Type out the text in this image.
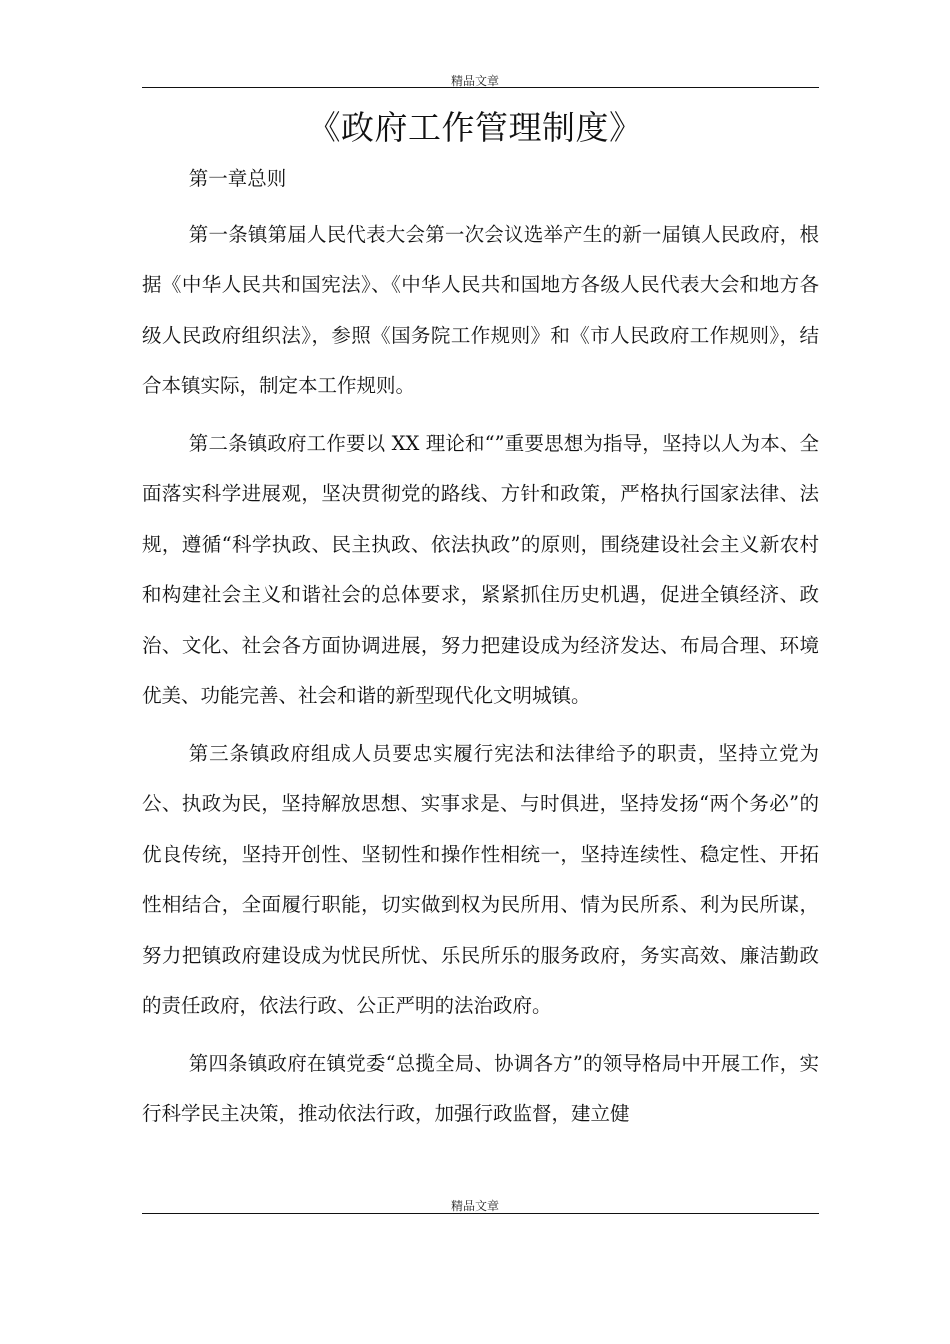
精品文章
《政府工作管理制度》

第一章总则

第一条镇第届人民代表大会第一次会议选举产生的新一届镇人民政府，根据《中华人民共和国宪法》、《中华人民共和国地方各级人民代表大会和地方各级人民政府组织法》，参照《国务院工作规则》和《市人民政府工作规则》，结合本镇实际，制定本工作规则。

第二条镇政府工作要以 XX 理论和“”重要思想为指导，坚持以人为本、全面落实科学进展观，坚决贯彻党的路线、方针和政策，严格执行国家法律、法规，遵循“科学执政、民主执政、依法执政”的原则，围绕建设社会主义新农村和构建社会主义和谐社会的总体要求，紧紧抓住历史机遇，促进全镇经济、政治、文化、社会各方面协调进展，努力把建设成为经济发达、布局合理、环境优美、功能完善、社会和谐的新型现代化文明城镇。

第三条镇政府组成人员要忠实履行宪法和法律给予的职责，坚持立党为公、执政为民，坚持解放思想、实事求是、与时俱进，坚持发扬“两个务必”的优良传统，坚持开创性、坚韧性和操作性相统一，坚持连续性、稳定性、开拓性相结合，全面履行职能，切实做到权为民所用、情为民所系、利为民所谋，努力把镇政府建设成为忧民所忧、乐民所乐的服务政府，务实高效、廉洁勤政的责任政府，依法行政、公正严明的法治政府。

第四条镇政府在镇党委“总揽全局、协调各方”的领导格局中开展工作，实行科学民主决策，推动依法行政，加强行政监督，建立健

精品文章
